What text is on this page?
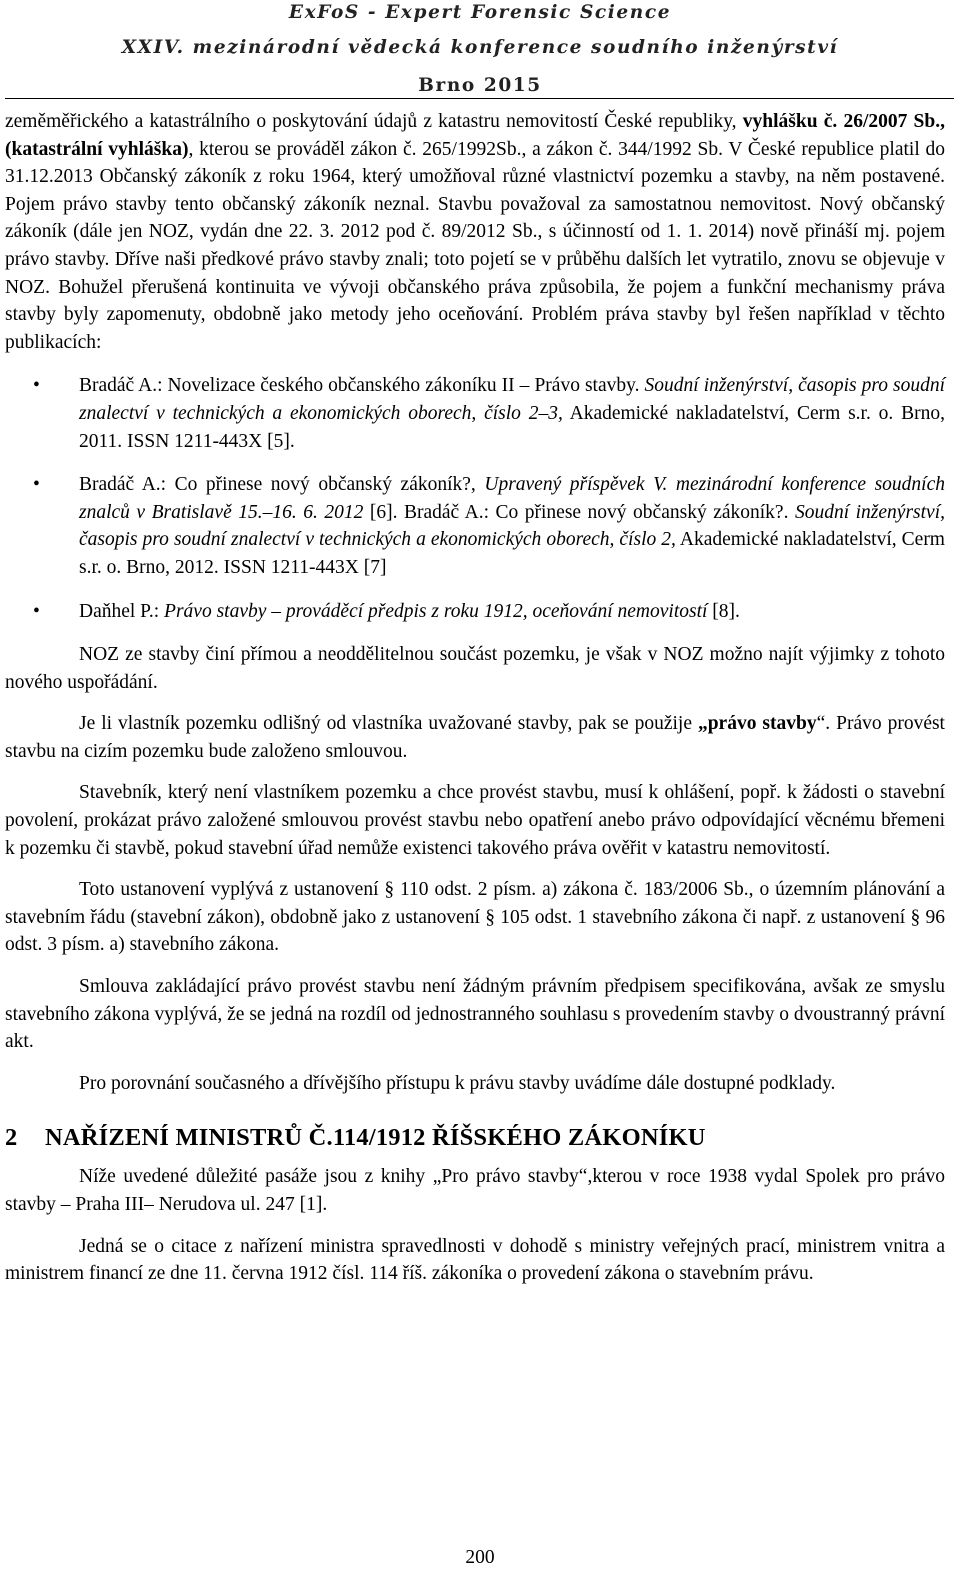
ExFoS - Expert Forensic Science
XXIV. mezinárodní vědecká konference soudního inženýrství
Brno 2015

zeměměřického a katastrálního o poskytování údajů z katastru nemovitostí České republiky, vyhlášku č. 26/2007 Sb., (katastrální vyhláška), kterou se prováděl zákon č. 265/1992Sb., a zákon č. 344/1992 Sb. V České republice platil do 31.12.2013 Občanský zákoník z roku 1964, který umožňoval různé vlastnictví pozemku a stavby, na něm postavené. Pojem právo stavby tento občanský zákoník neznal. Stavbu považoval za samostatnou nemovitost. Nový občanský zákoník (dále jen NOZ, vydán dne 22. 3. 2012 pod č. 89/2012 Sb., s účinností od 1. 1. 2014) nově přináší mj. pojem právo stavby. Dříve naši předkové právo stavby znali; toto pojetí se v průběhu dalších let vytratilo, znovu se objevuje v NOZ. Bohužel přerušená kontinuita ve vývoji občanského práva způsobila, že pojem a funkční mechanismy práva stavby byly zapomenuty, obdobně jako metody jeho oceňování. Problém práva stavby byl řešen například v těchto publikacích:

• Bradáč A.: Novelizace českého občanského zákoníku II – Právo stavby. Soudní inženýrství, časopis pro soudní znalectví v technických a ekonomických oborech, číslo 2–3, Akademické nakladatelství, Cerm s.r. o. Brno, 2011. ISSN 1211-443X [5].
• Bradáč A.: Co přinese nový občanský zákoník?, Upravený příspěvek V. mezinárodní konference soudních znalců v Bratislavě 15.–16. 6. 2012 [6]. Bradáč A.: Co přinese nový občanský zákoník?. Soudní inženýrství, časopis pro soudní znalectví v technických a ekonomických oborech, číslo 2, Akademické nakladatelství, Cerm s.r. o. Brno, 2012. ISSN 1211-443X [7]
• Daňhel P.: Právo stavby – prováděcí předpis z roku 1912, oceňování nemovitostí [8].

NOZ ze stavby činí přímou a neoddělitelnou součást pozemku, je však v NOZ možno najít výjimky z tohoto nového uspořádání.

Je li vlastník pozemku odlišný od vlastníka uvažované stavby, pak se použije „právo stavby“. Právo provést stavbu na cizím pozemku bude založeno smlouvou.

Stavebník, který není vlastníkem pozemku a chce provést stavbu, musí k ohlášení, popř. k žádosti o stavební povolení, prokázat právo založené smlouvou provést stavbu nebo opatření anebo právo odpovídající věcnému břemeni k pozemku či stavbě, pokud stavební úřad nemůže existenci takového práva ověřit v katastru nemovitostí.

Toto ustanovení vyplývá z ustanovení § 110 odst. 2 písm. a) zákona č. 183/2006 Sb., o územním plánování a stavebním řádu (stavební zákon), obdobně jako z ustanovení § 105 odst. 1 stavebního zákona či např. z ustanovení § 96 odst. 3 písm. a) stavebního zákona.

Smlouva zakládající právo provést stavbu není žádným právním předpisem specifikována, avšak ze smyslu stavebního zákona vyplývá, že se jedná na rozdíl od jednostranného souhlasu s provedením stavby o dvoustranný právní akt.

Pro porovnání současného a dřívějšího přístupu k právu stavby uvádíme dále dostupné podklady.

2 NAŘÍZENÍ MINISTRŮ Č.114/1912 ŘÍŠSKÉHO ZÁKONÍKU

Níže uvedené důležité pasáže jsou z knihy „Pro právo stavby“,kterou v roce 1938 vydal Spolek pro právo stavby – Praha III– Nerudova ul. 247 [1].

Jedná se o citace z nařízení ministra spravedlnosti v dohodě s ministry veřejných prací, ministrem vnitra a ministrem financí ze dne 11. června 1912 čísl. 114 říš. zákoníka o provedení zákona o stavebním právu.

200
